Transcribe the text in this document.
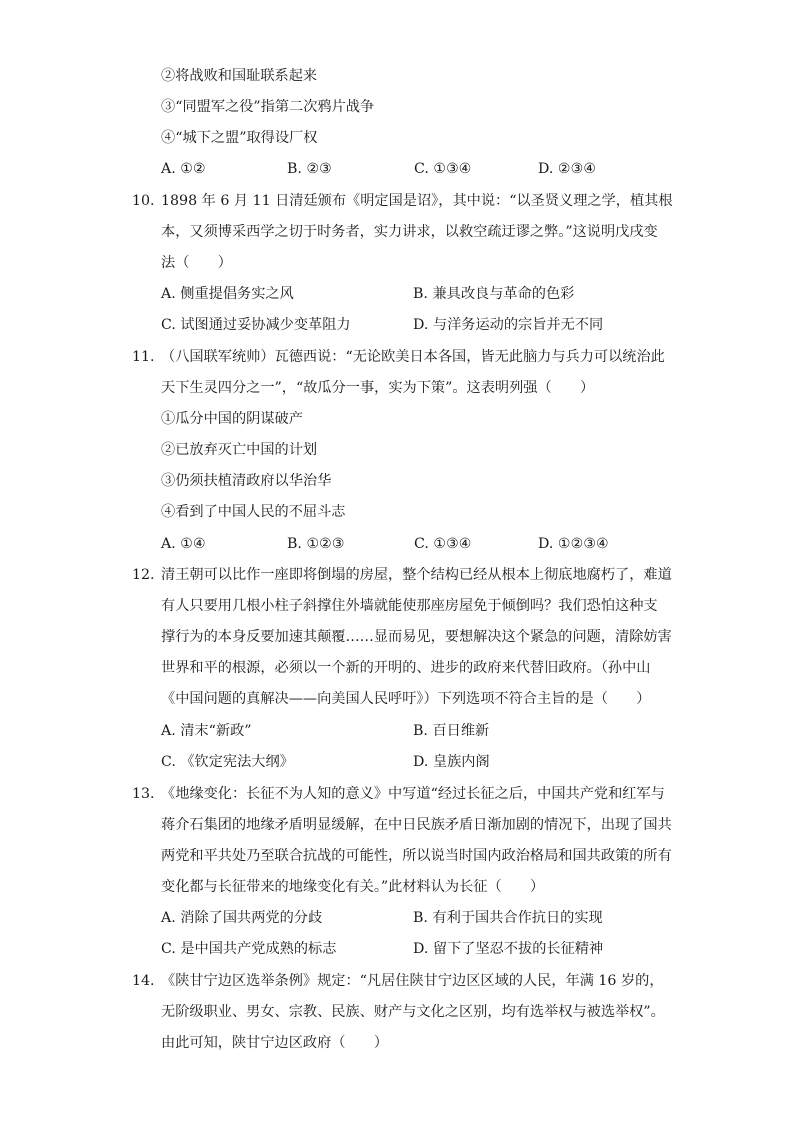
②将战败和国耻联系起来
③“同盟军之役”指第二次鸦片战争
④“城下之盟”取得设厂权
A. ①②	B. ②③	C. ①③④	D. ②③④
10. 1898 年 6 月 11 日清廷颁布《明定国是诏》，其中说：“以圣贤义理之学，植其根
本，又须博采西学之切于时务者，实力讲求，以救空疏迂谬之弊。”这说明戊戌变
法（　　）
A. 侧重提倡务实之风	B. 兼具改良与革命的色彩
C. 试图通过妥协减少变革阻力	D. 与洋务运动的宗旨并无不同
11. （八国联军统帅）瓦德西说：“无论欧美日本各国，皆无此脑力与兵力可以统治此
天下生灵四分之一”，“故瓜分一事，实为下策”。这表明列强（　　）
①瓜分中国的阴谋破产
②已放弃灭亡中国的计划
③仍须扶植清政府以华治华
④看到了中国人民的不屈斗志
A. ①④	B. ①②③	C. ①③④	D. ①②③④
12. 清王朝可以比作一座即将倒塌的房屋，整个结构已经从根本上彻底地腐朽了，难道
有人只要用几根小柱子斜撑住外墙就能使那座房屋免于倾倒吗？我们恐怕这种支
撑行为的本身反要加速其颠覆……显而易见，要想解决这个紧急的问题，清除妨害
世界和平的根源，必须以一个新的开明的、进步的政府来代替旧政府。（孙中山
《中国问题的真解决——向美国人民呼吁》）下列选项不符合主旨的是（　　）
A. 清末“新政”	B. 百日维新
C. 《钦定宪法大纲》	D. 皇族内阁
13. 《地缘变化：长征不为人知的意义》中写道“经过长征之后，中国共产党和红军与
蒋介石集团的地缘矛盾明显缓解，在中日民族矛盾日渐加剧的情况下，出现了国共
两党和平共处乃至联合抗战的可能性，所以说当时国内政治格局和国共政策的所有
变化都与长征带来的地缘变化有关。”此材料认为长征（　　）
A. 消除了国共两党的分歧	B. 有利于国共合作抗日的实现
C. 是中国共产党成熟的标志	D. 留下了坚忍不拔的长征精神
14. 《陕甘宁边区选举条例》规定：“凡居住陕甘宁边区区域的人民，年满 16 岁的，
无阶级职业、男女、宗教、民族、财产与文化之区别，均有选举权与被选举权”。
由此可知，陕甘宁边区政府（　　）
